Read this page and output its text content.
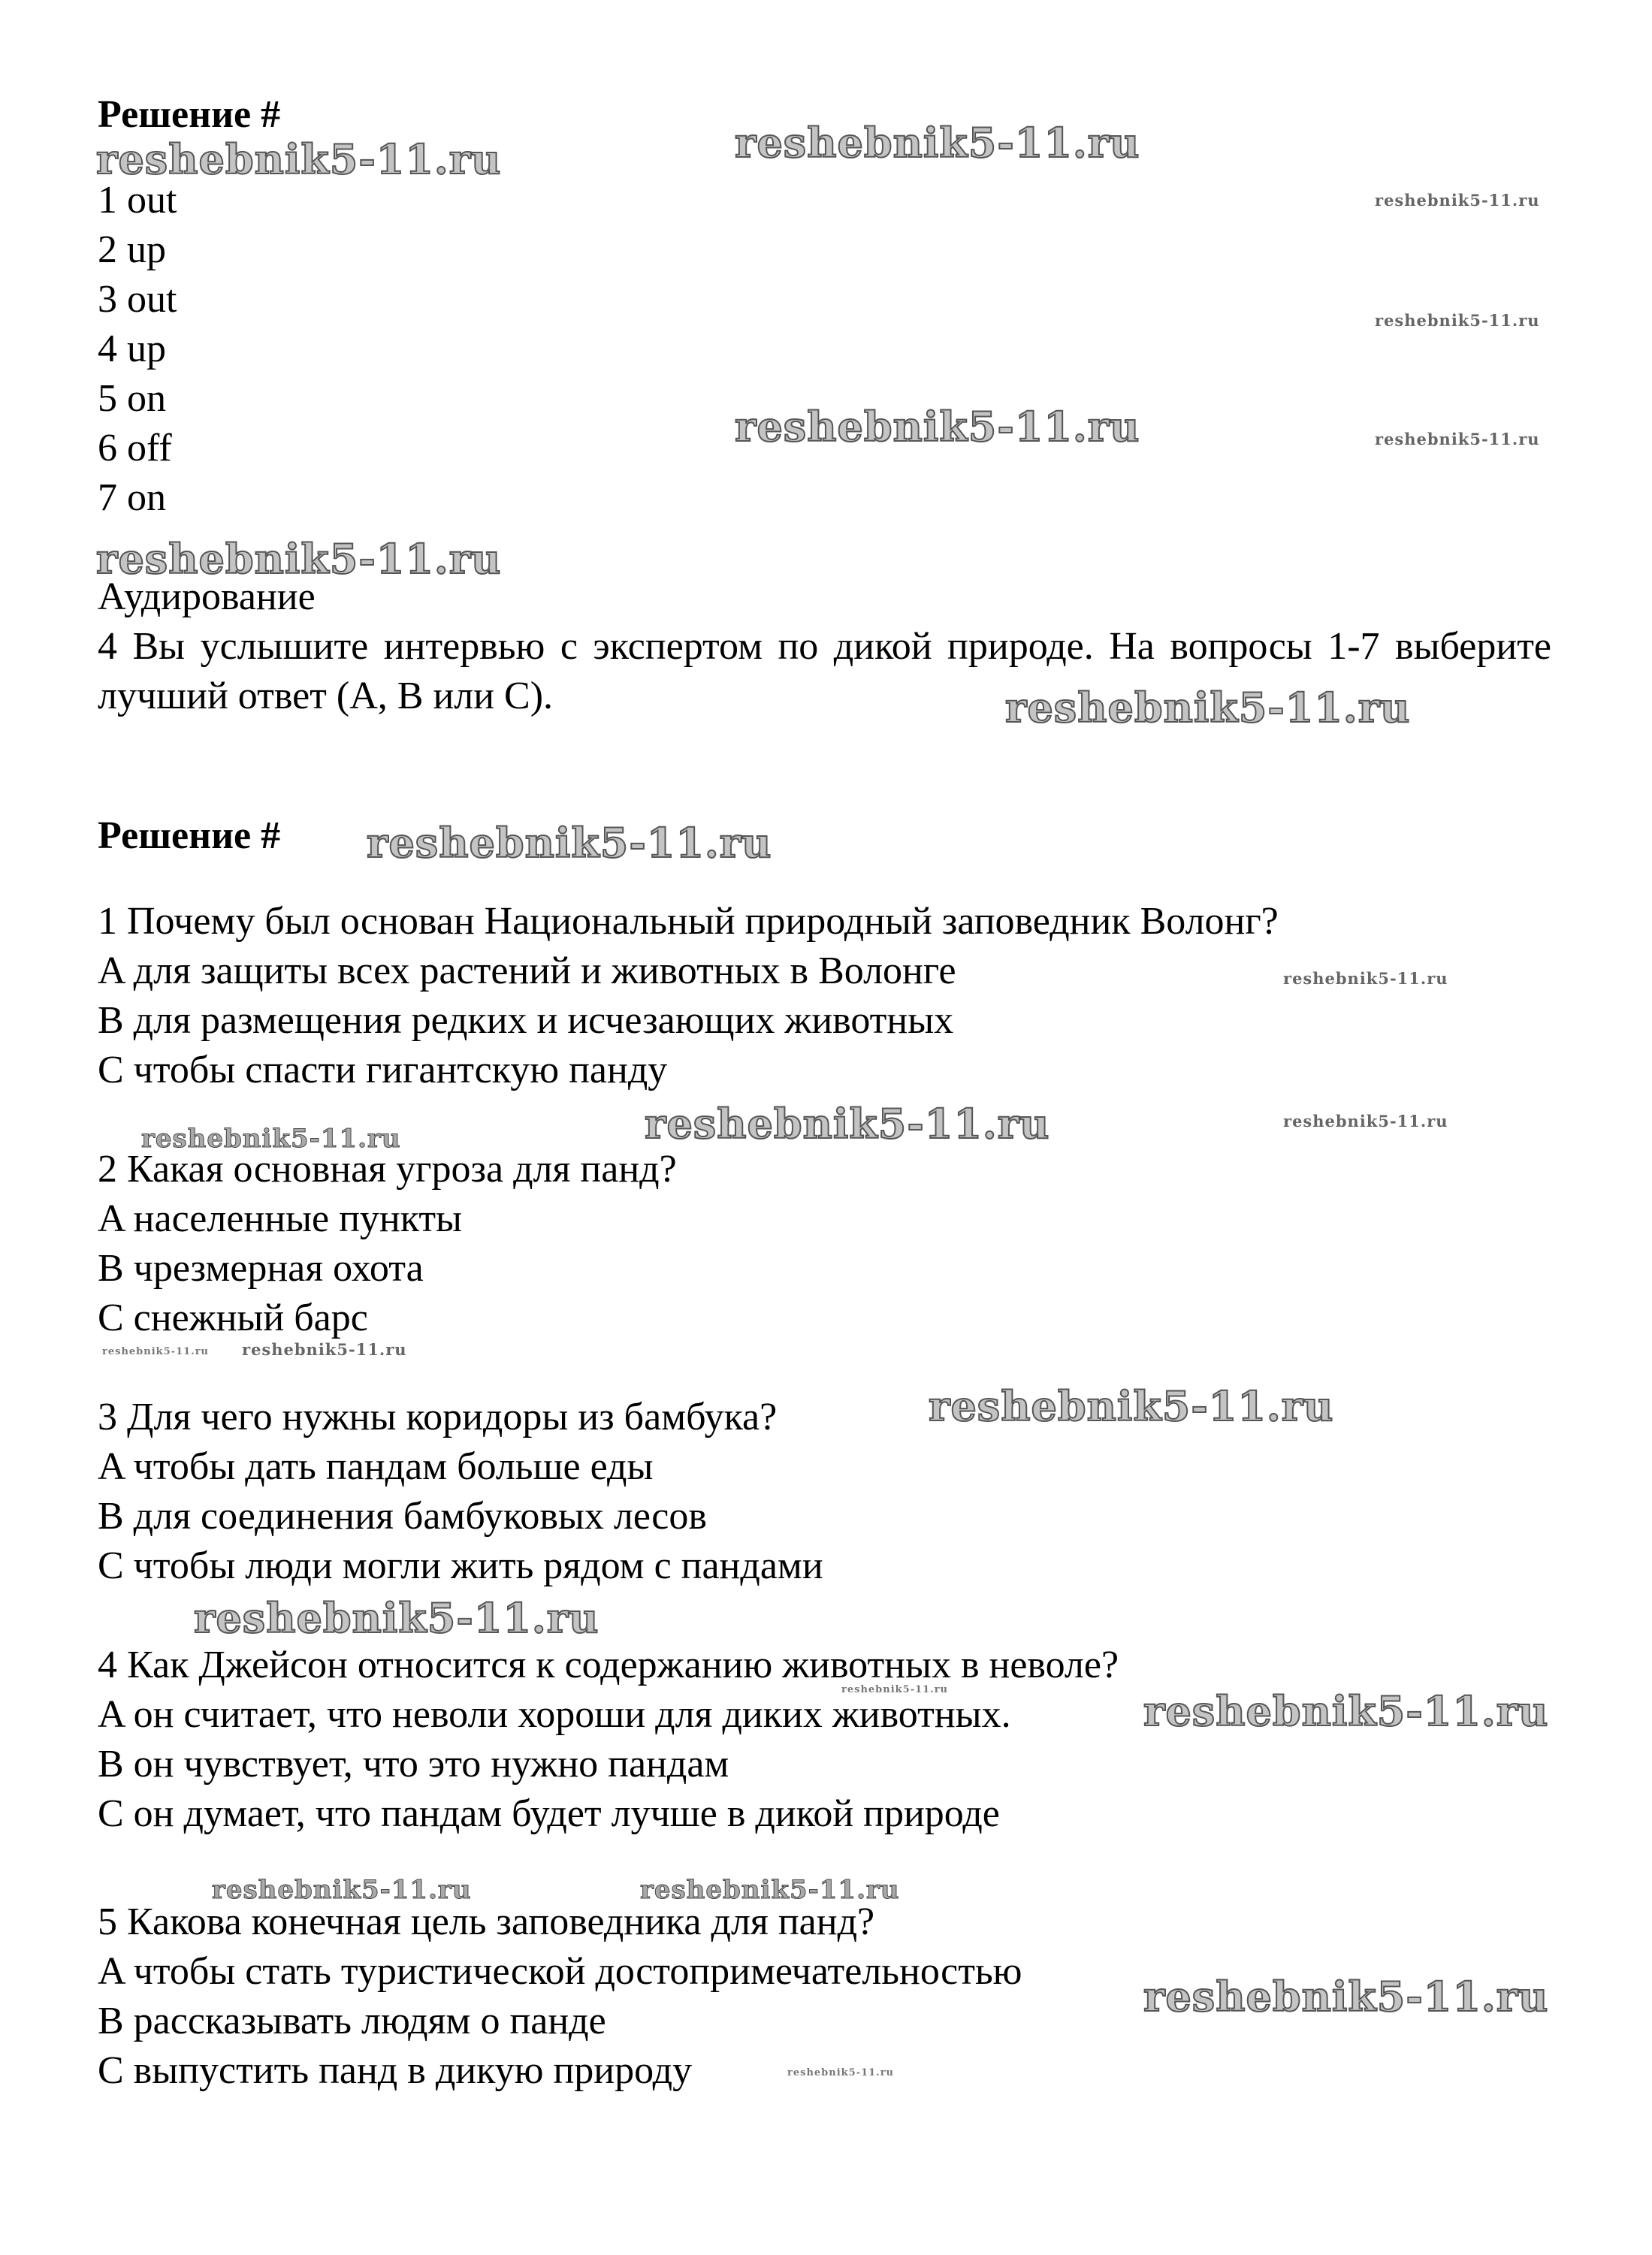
Решение #
1 out
2 up
3 out
4 up
5 on
6 off
7 on
Аудирование
4 Вы услышите интервью с экспертом по дикой природе. На вопросы 1-7 выберите лучший ответ (A, B или C).
Решение #
1 Почему был основан Национальный природный заповедник Волонг?
A для защиты всех растений и животных в Волонге
B для размещения редких и исчезающих животных
C чтобы спасти гигантскую панду
2 Какая основная угроза для панд?
A населенные пункты
B чрезмерная охота
C снежный барс
3 Для чего нужны коридоры из бамбука?
A чтобы дать пандам больше еды
B для соединения бамбуковых лесов
C чтобы люди могли жить рядом с пандами
4 Как Джейсон относится к содержанию животных в неволе?
A он считает, что неволи хороши для диких животных.
B он чувствует, что это нужно пандам
C он думает, что пандам будет лучше в дикой природе
5 Какова конечная цель заповедника для панд?
A чтобы стать туристической достопримечательностью
B рассказывать людям о панде
C выпустить панд в дикую природу
reshebnik5-11.ru	reshebnik5-11.ru
reshebnik5-11.ru
reshebnik5-11.ru
reshebnik5-11.ru	reshebnik5-11.ru
reshebnik5-11.ru
reshebnik5-11.ru
reshebnik5-11.ru
reshebnik5-11.ru
reshebnik5-11.ru	reshebnik5-11.ru	reshebnik5-11.ru
reshebnik5-11.ru reshebnik5-11.ru
reshebnik5-11.ru
reshebnik5-11.ru
reshebnik5-11.ru	reshebnik5-11.ru
reshebnik5-11.ru	reshebnik5-11.ru
reshebnik5-11.ru
reshebnik5-11.ru
